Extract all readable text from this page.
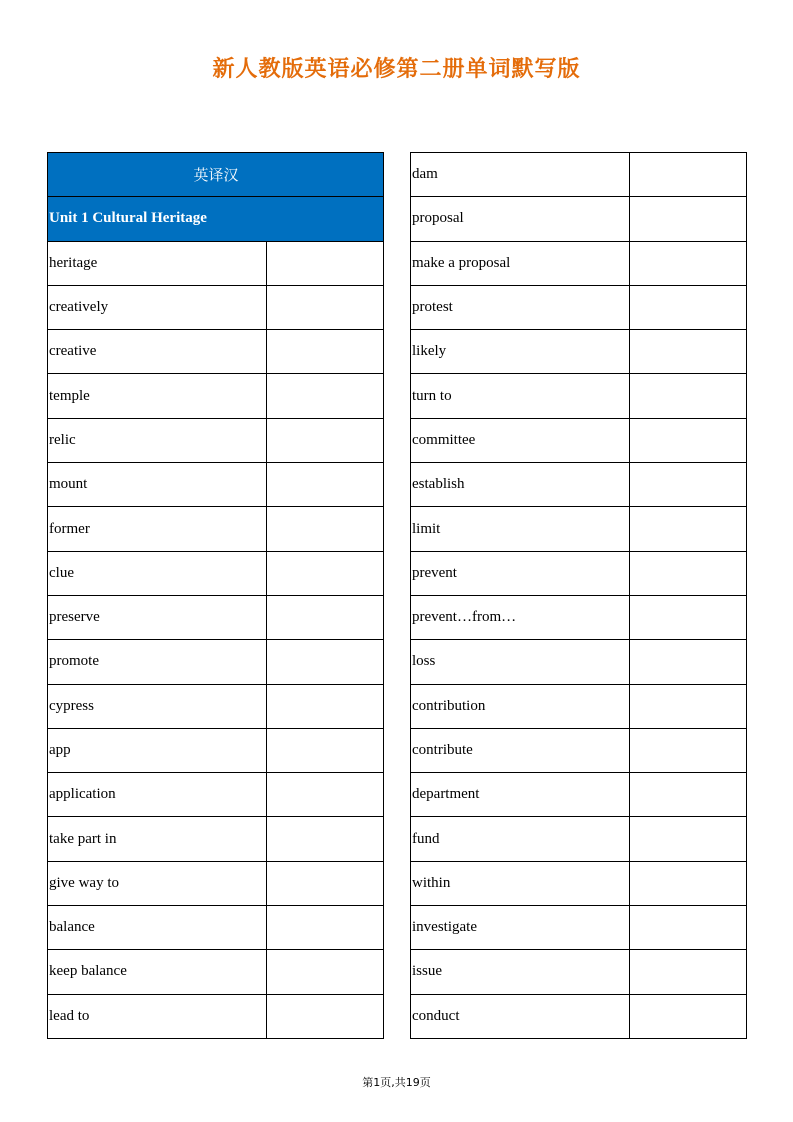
新人教版英语必修第二册单词默写版
英译汉	
Unit 1 Cultural Heritage	
heritage	
creatively	
creative	
temple	
relic	
mount	
former	
clue	
preserve	
promote	
cypress	
app	
application	
take part in	
give way to	
balance	
keep balance	
lead to	
dam	
proposal	
make a proposal	
protest	
likely	
turn to	
committee	
establish	
limit	
prevent	
prevent…from…	
loss	
contribution	
contribute	
department	
fund	
within	
investigate	
issue	
conduct	
第1页,共19页
